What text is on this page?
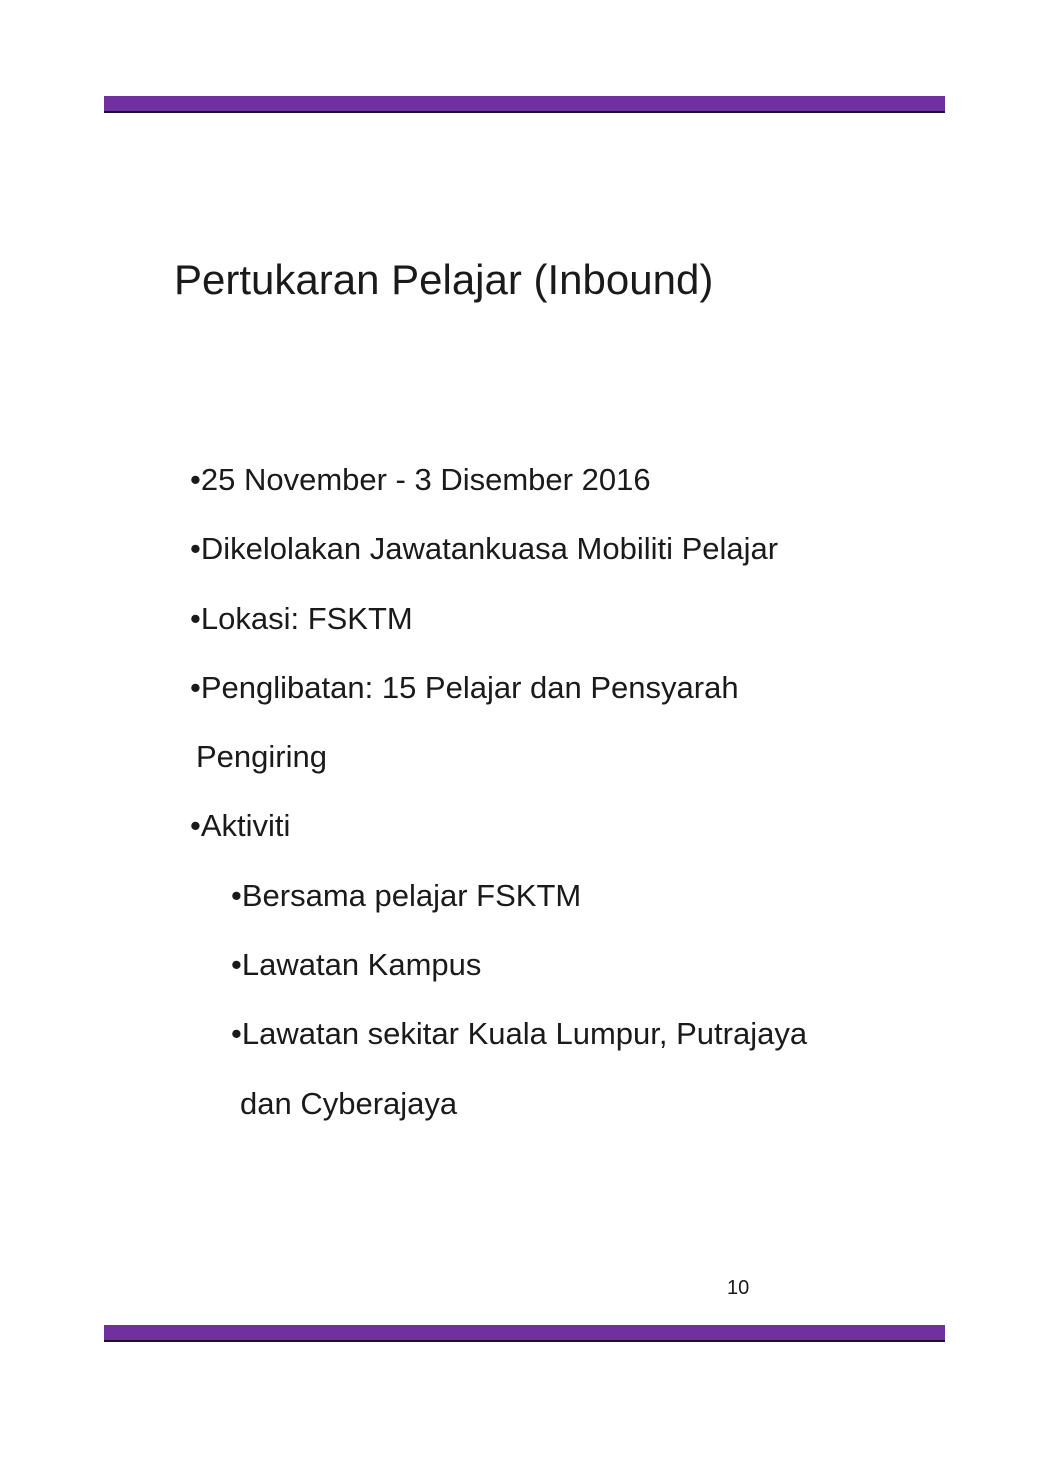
Pertukaran Pelajar (Inbound)
•25 November - 3 Disember 2016
•Dikelolakan Jawatankuasa Mobiliti Pelajar
•Lokasi: FSKTM
•Penglibatan: 15 Pelajar dan Pensyarah
Pengiring
•Aktiviti
•Bersama pelajar FSKTM
•Lawatan Kampus
•Lawatan sekitar Kuala Lumpur, Putrajaya
dan Cyberajaya
10
